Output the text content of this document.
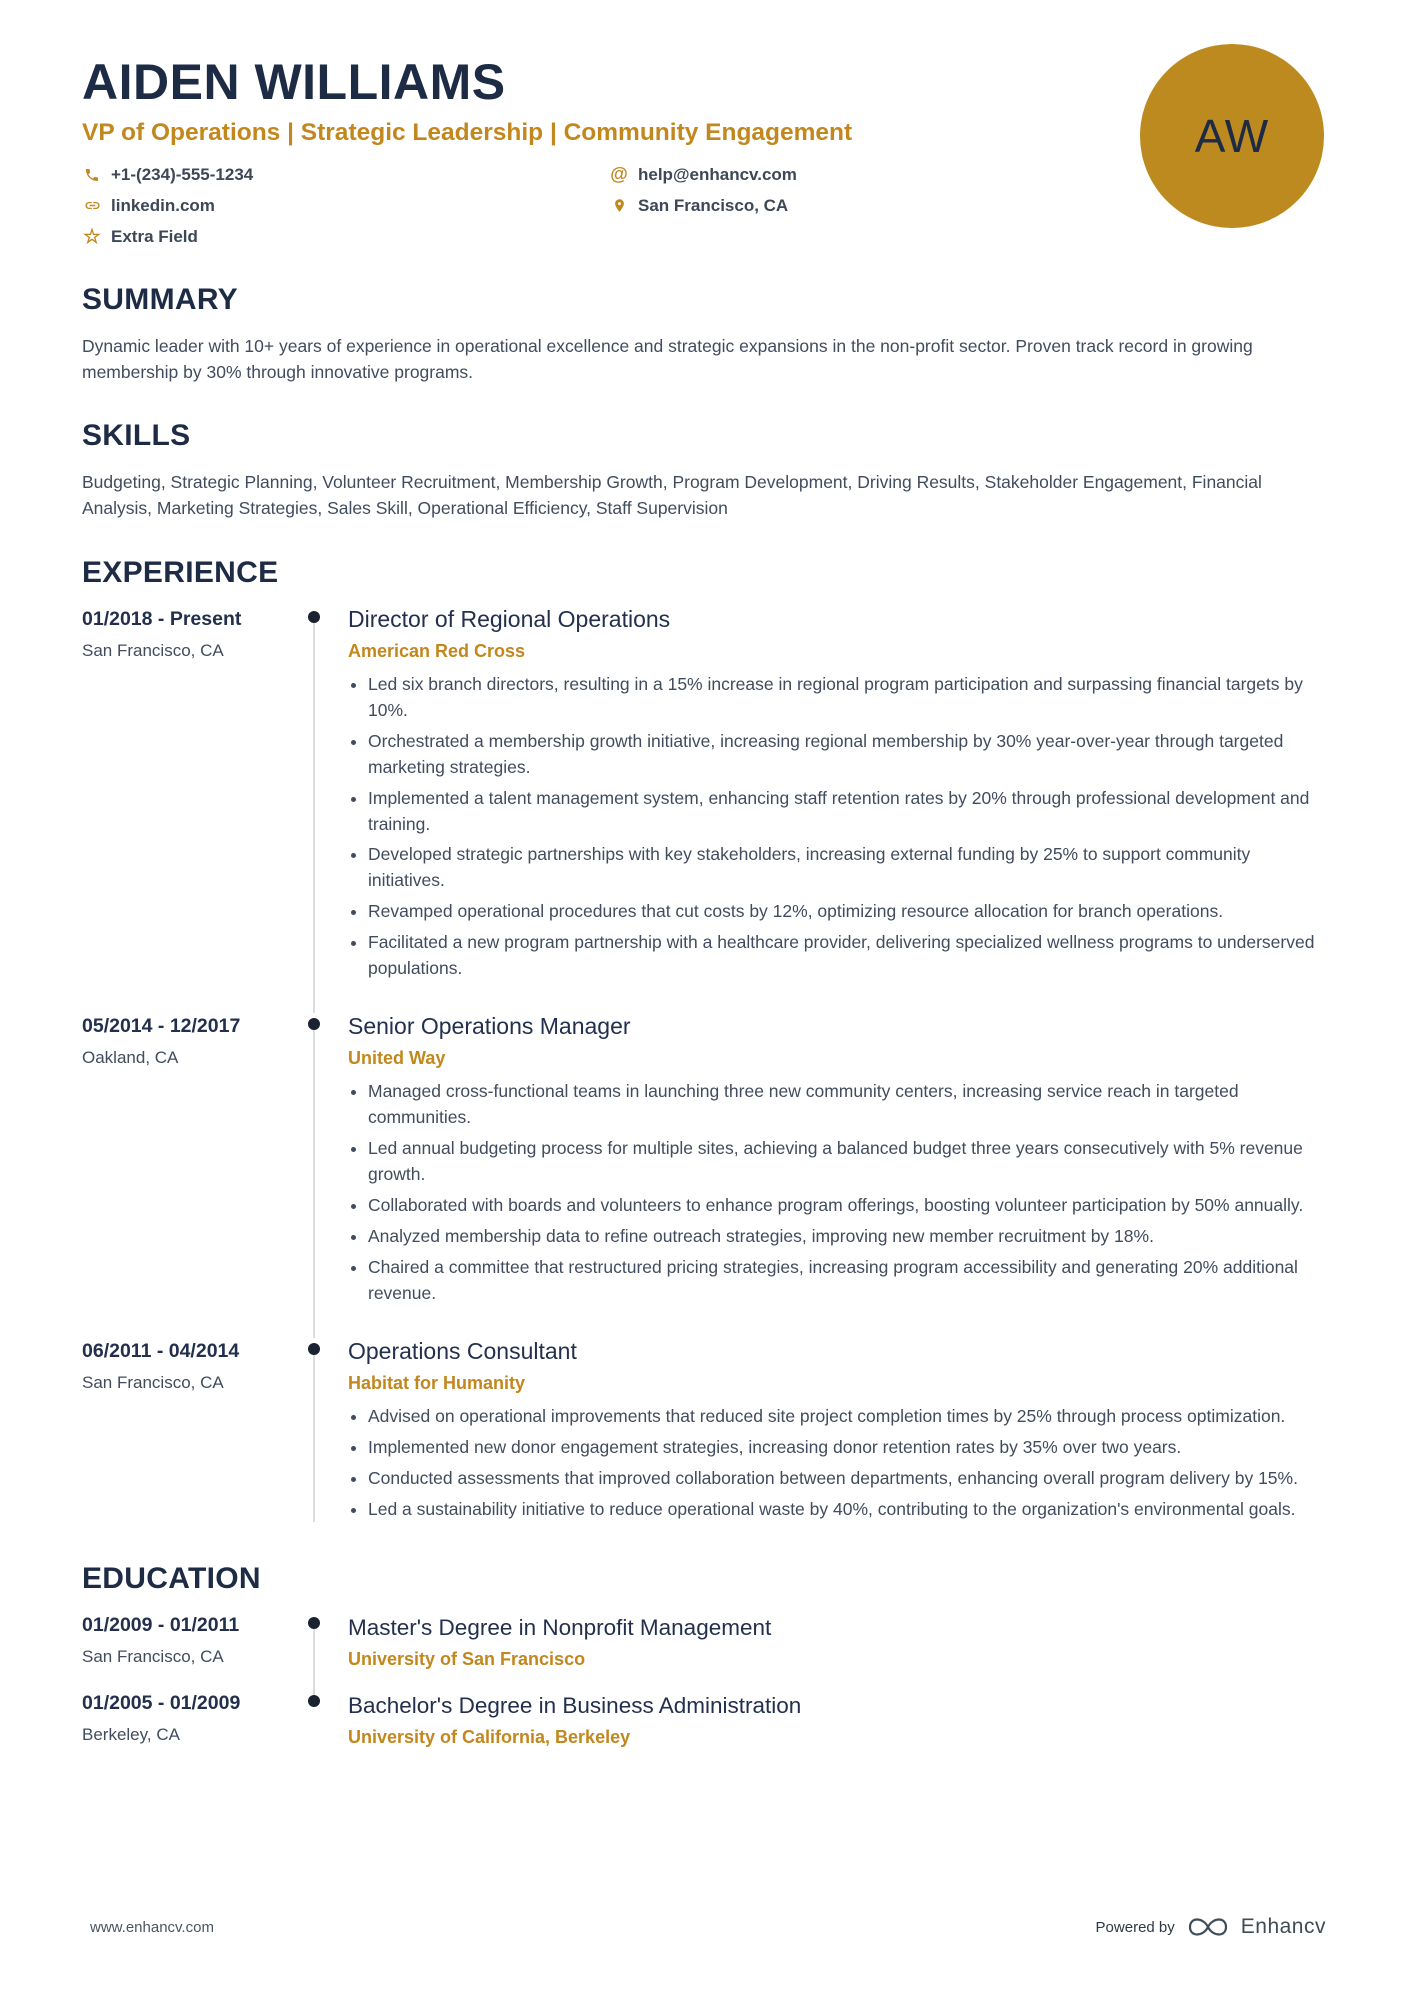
AIDEN WILLIAMS
VP of Operations | Strategic Leadership | Community Engagement
+1-(234)-555-1234
linkedin.com
☆ Extra Field
@ help@enhancv.com
San Francisco, CA
AW
SUMMARY

Dynamic leader with 10+ years of experience in operational excellence and strategic expansions in the non-profit sector. Proven track record in growing membership by 30% through innovative programs.

SKILLS

Budgeting, Strategic Planning, Volunteer Recruitment, Membership Growth, Program Development, Driving Results, Stakeholder Engagement, Financial Analysis, Marketing Strategies, Sales Skill, Operational Efficiency, Staff Supervision

EXPERIENCE
01/2018 - Present
San Francisco, CA
Director of Regional Operations
American Red Cross
• Led six branch directors, resulting in a 15% increase in regional program participation and surpassing financial targets by 10%.
• Orchestrated a membership growth initiative, increasing regional membership by 30% year-over-year through targeted marketing strategies.
• Implemented a talent management system, enhancing staff retention rates by 20% through professional development and training.
• Developed strategic partnerships with key stakeholders, increasing external funding by 25% to support community initiatives.
• Revamped operational procedures that cut costs by 12%, optimizing resource allocation for branch operations.
• Facilitated a new program partnership with a healthcare provider, delivering specialized wellness programs to underserved populations.
05/2014 - 12/2017
Oakland, CA
Senior Operations Manager
United Way
• Managed cross-functional teams in launching three new community centers, increasing service reach in targeted communities.
• Led annual budgeting process for multiple sites, achieving a balanced budget three years consecutively with 5% revenue growth.
• Collaborated with boards and volunteers to enhance program offerings, boosting volunteer participation by 50% annually.
• Analyzed membership data to refine outreach strategies, improving new member recruitment by 18%.
• Chaired a committee that restructured pricing strategies, increasing program accessibility and generating 20% additional revenue.
06/2011 - 04/2014
San Francisco, CA
Operations Consultant
Habitat for Humanity
• Advised on operational improvements that reduced site project completion times by 25% through process optimization.
• Implemented new donor engagement strategies, increasing donor retention rates by 35% over two years.
• Conducted assessments that improved collaboration between departments, enhancing overall program delivery by 15%.
• Led a sustainability initiative to reduce operational waste by 40%, contributing to the organization's environmental goals.
EDUCATION
01/2009 - 01/2011
San Francisco, CA
Master's Degree in Nonprofit Management
University of San Francisco
01/2005 - 01/2009
Berkeley, CA
Bachelor's Degree in Business Administration
University of California, Berkeley
www.enhancv.com	Powered by	Enhancv
